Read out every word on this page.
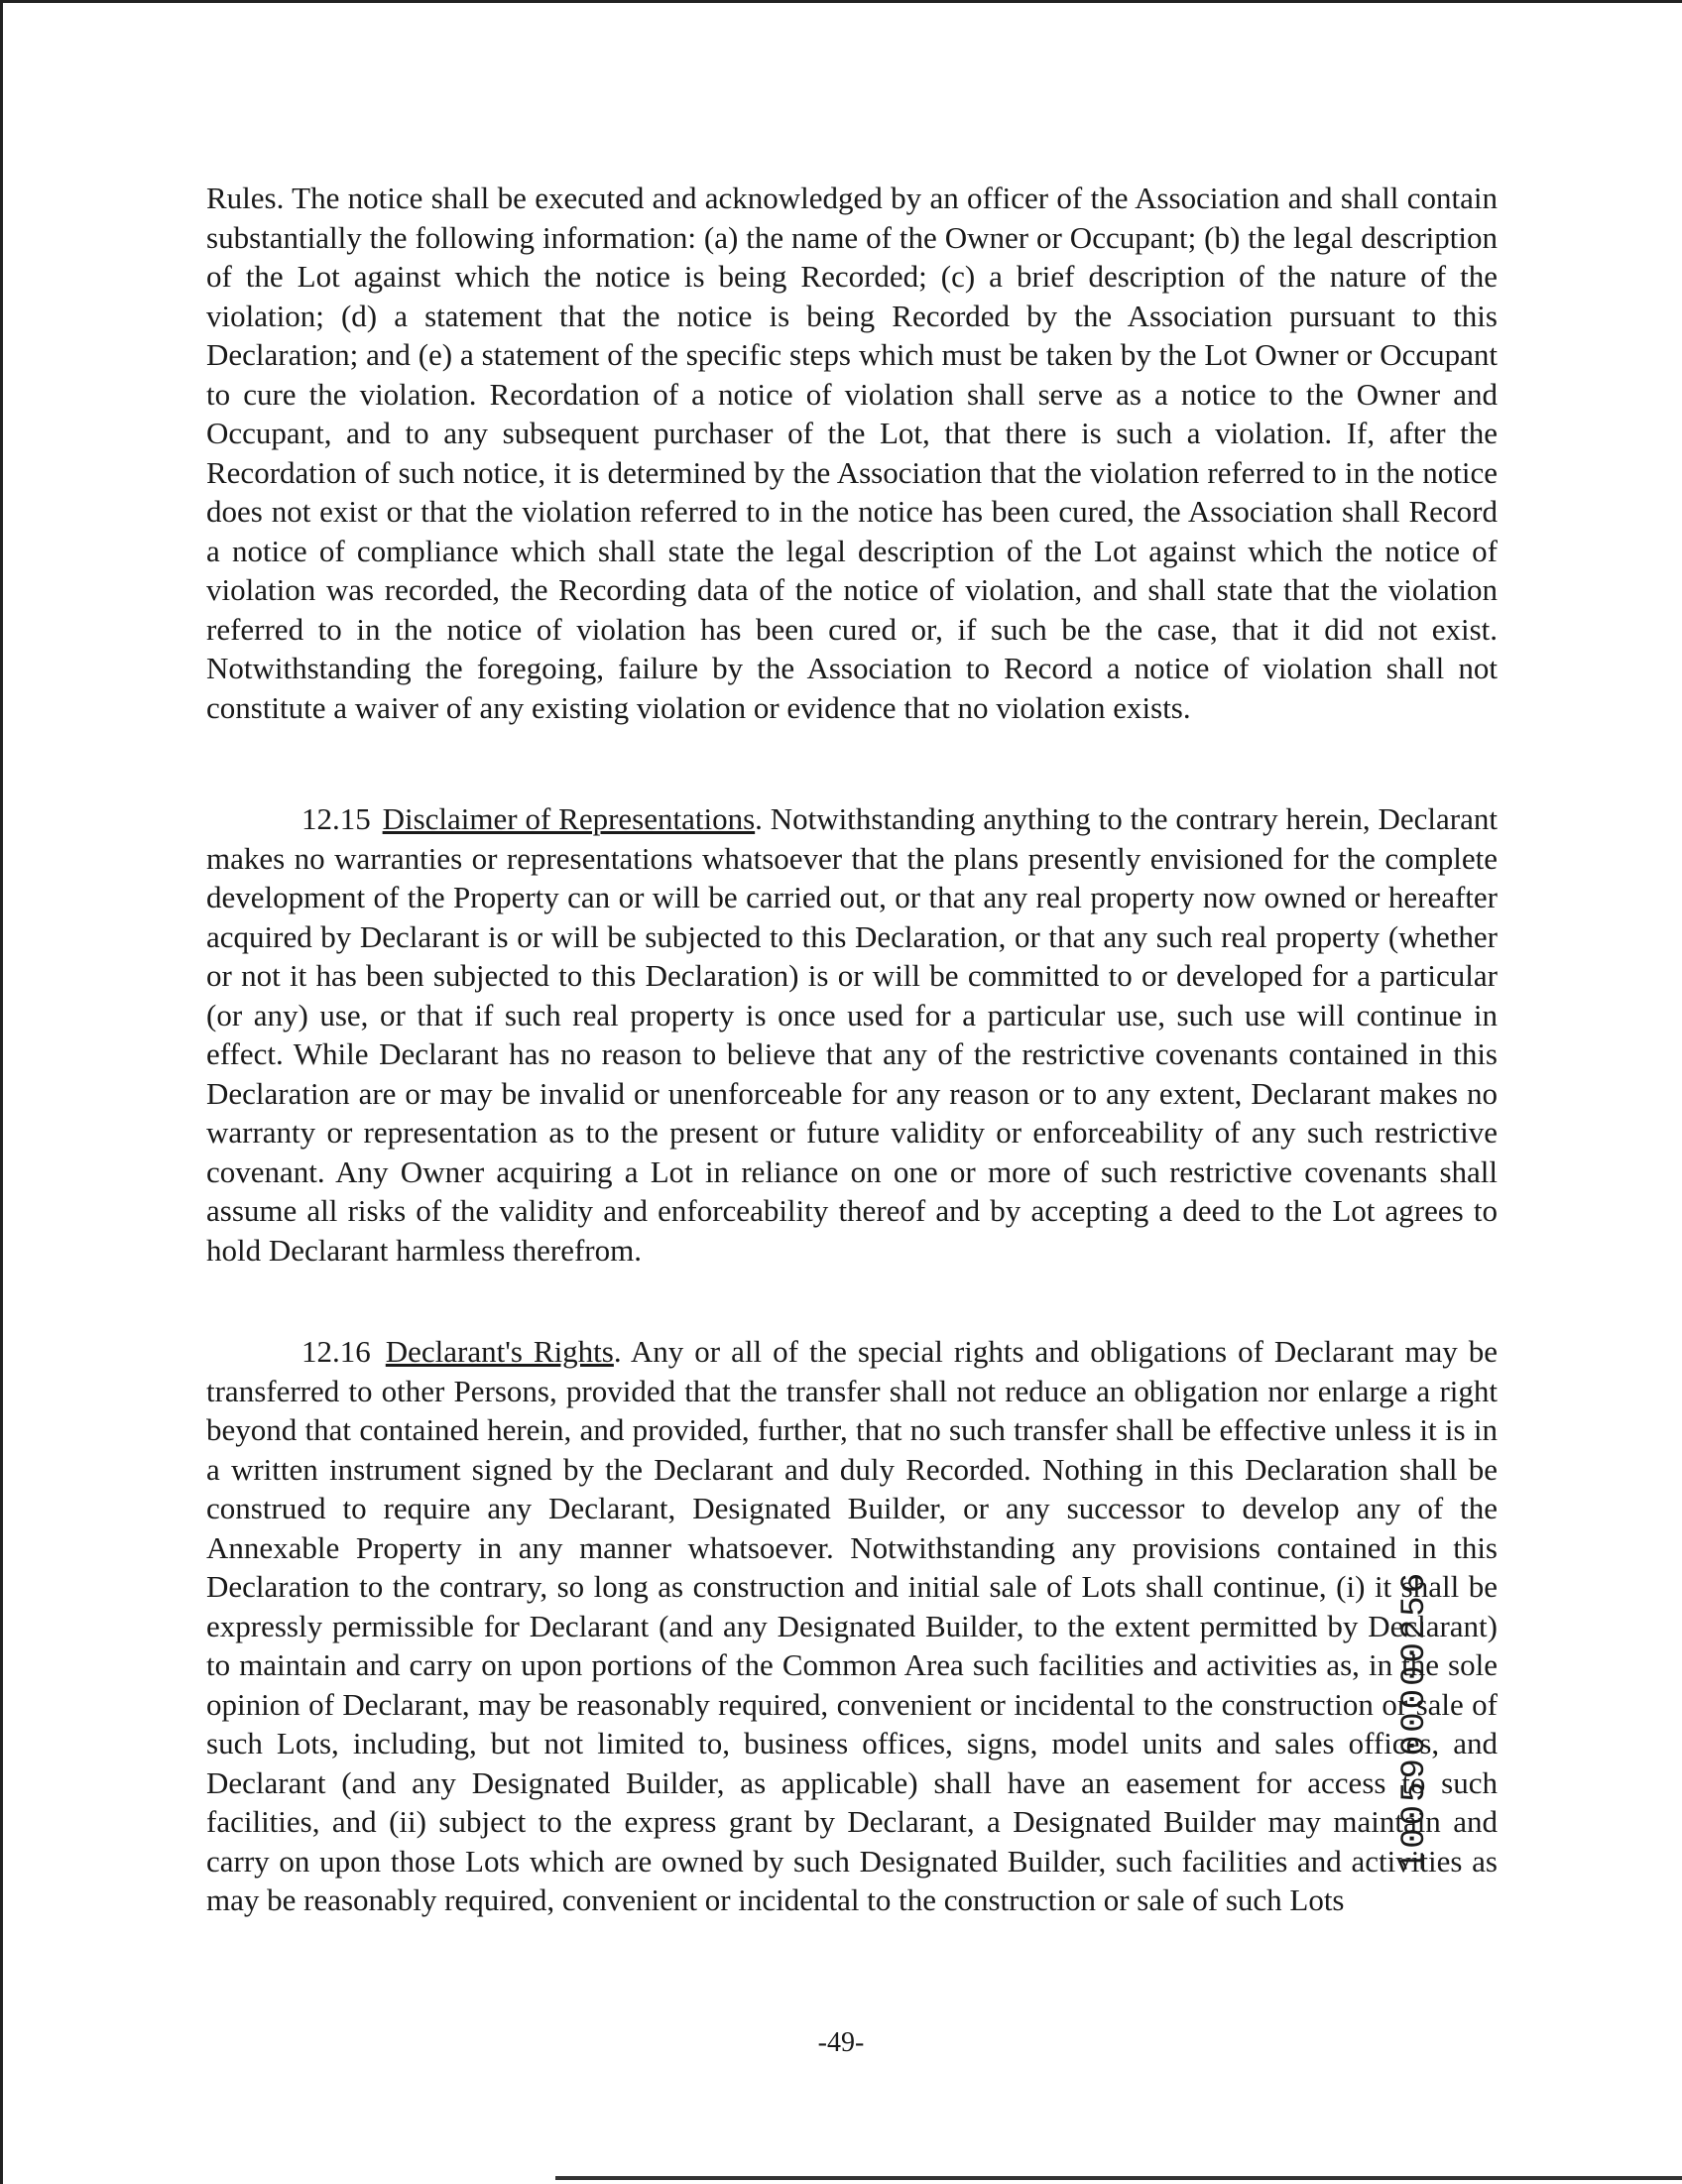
Rules. The notice shall be executed and acknowledged by an officer of the Association and shall contain substantially the following information: (a) the name of the Owner or Occupant; (b) the legal description of the Lot against which the notice is being Recorded; (c) a brief description of the nature of the violation; (d) a statement that the notice is being Recorded by the Association pursuant to this Declaration; and (e) a statement of the specific steps which must be taken by the Lot Owner or Occupant to cure the violation. Recordation of a notice of violation shall serve as a notice to the Owner and Occupant, and to any subsequent purchaser of the Lot, that there is such a violation. If, after the Recordation of such notice, it is determined by the Association that the violation referred to in the notice does not exist or that the violation referred to in the notice has been cured, the Association shall Record a notice of compliance which shall state the legal description of the Lot against which the notice of violation was recorded, the Recording data of the notice of violation, and shall state that the violation referred to in the notice of violation has been cured or, if such be the case, that it did not exist. Notwithstanding the foregoing, failure by the Association to Record a notice of violation shall not constitute a waiver of any existing violation or evidence that no violation exists.

12.15 Disclaimer of Representations. Notwithstanding anything to the contrary herein, Declarant makes no warranties or representations whatsoever that the plans presently envisioned for the complete development of the Property can or will be carried out, or that any real property now owned or hereafter acquired by Declarant is or will be subjected to this Declaration, or that any such real property (whether or not it has been subjected to this Declaration) is or will be committed to or developed for a particular (or any) use, or that if such real property is once used for a particular use, such use will continue in effect. While Declarant has no reason to believe that any of the restrictive covenants contained in this Declaration are or may be invalid or unenforceable for any reason or to any extent, Declarant makes no warranty or representation as to the present or future validity or enforceability of any such restrictive covenant. Any Owner acquiring a Lot in reliance on one or more of such restrictive covenants shall assume all risks of the validity and enforceability thereof and by accepting a deed to the Lot agrees to hold Declarant harmless therefrom.

12.16 Declarant's Rights. Any or all of the special rights and obligations of Declarant may be transferred to other Persons, provided that the transfer shall not reduce an obligation nor enlarge a right beyond that contained herein, and provided, further, that no such transfer shall be effective unless it is in a written instrument signed by the Declarant and duly Recorded. Nothing in this Declaration shall be construed to require any Declarant, Designated Builder, or any successor to develop any of the Annexable Property in any manner whatsoever. Notwithstanding any provisions contained in this Declaration to the contrary, so long as construction and initial sale of Lots shall continue, (i) it shall be expressly permissible for Declarant (and any Designated Builder, to the extent permitted by Declarant) to maintain and carry on upon portions of the Common Area such facilities and activities as, in the sole opinion of Declarant, may be reasonably required, convenient or incidental to the construction or sale of such Lots, including, but not limited to, business offices, signs, model units and sales offices, and Declarant (and any Designated Builder, as applicable) shall have an easement for access to such facilities, and (ii) subject to the express grant by Declarant, a Designated Builder may maintain and carry on upon those Lots which are owned by such Designated Builder, such facilities and activities as may be reasonably required, convenient or incidental to the construction or sale of such Lots

-49-
1005900000256
